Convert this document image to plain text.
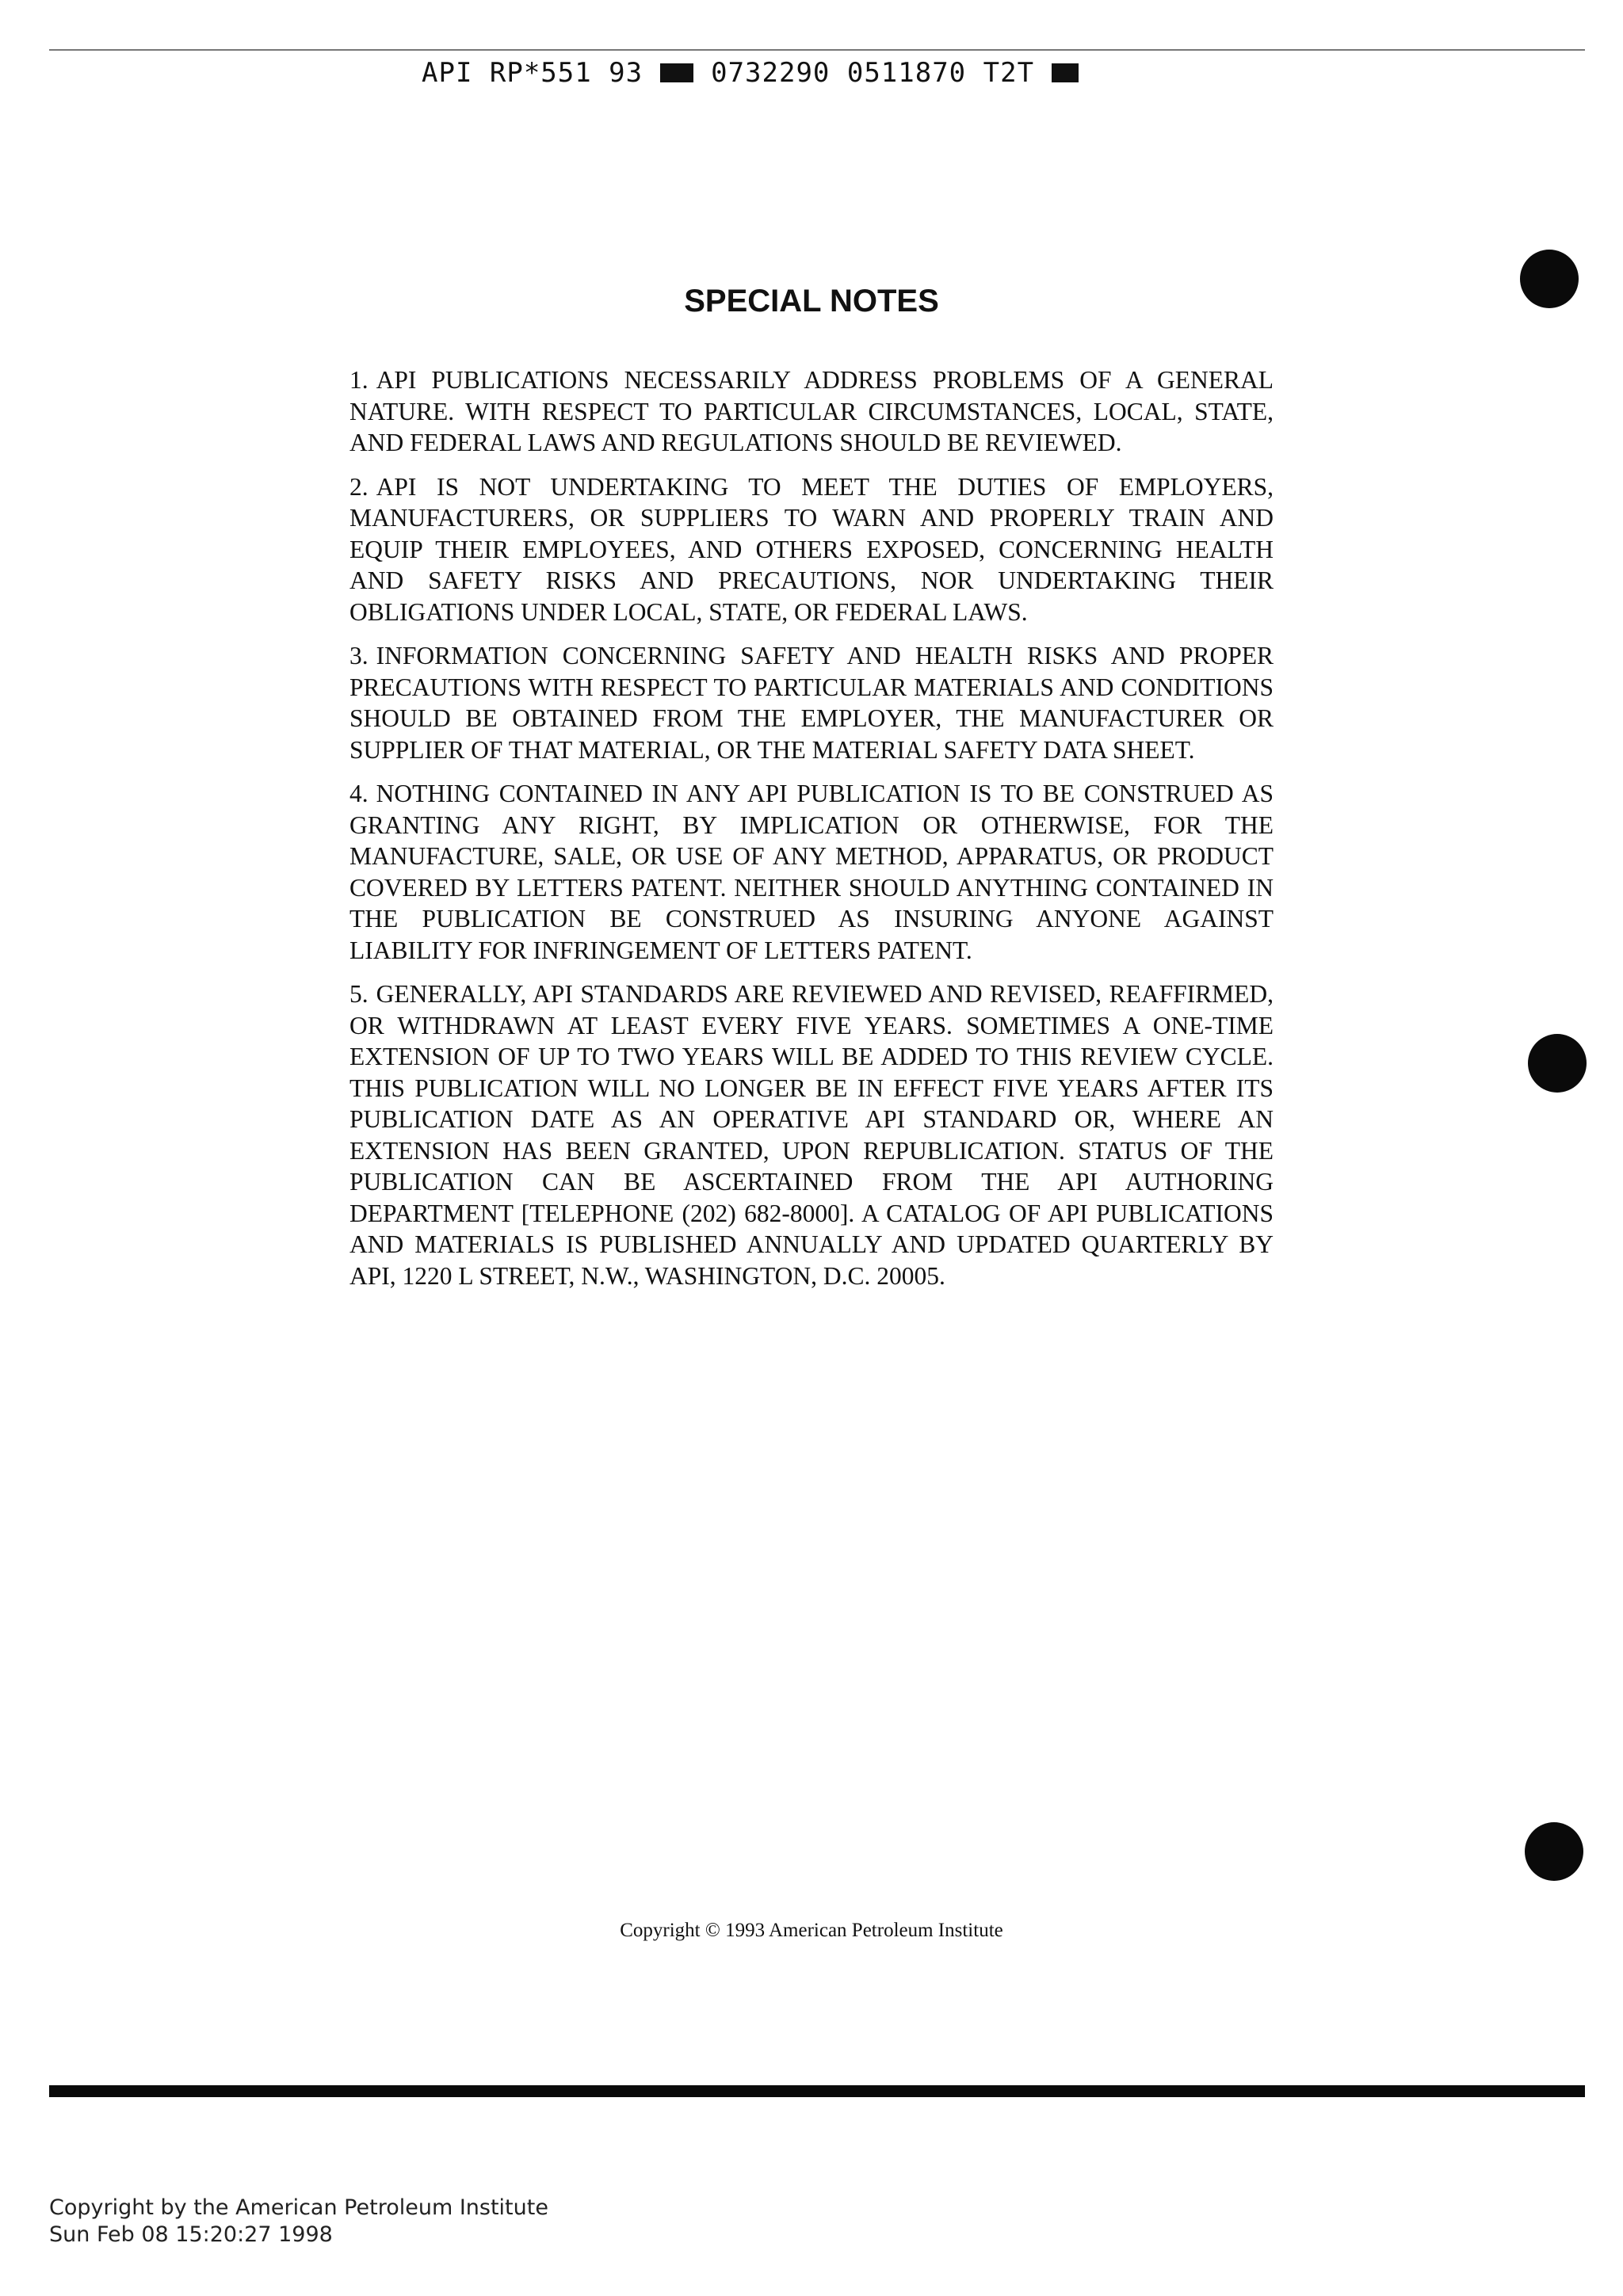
API RP*551 93	0732290 0511870 T2T
SPECIAL NOTES

1. API PUBLICATIONS NECESSARILY ADDRESS PROBLEMS OF A GENERAL NATURE. WITH RESPECT TO PARTICULAR CIRCUMSTANCES, LOCAL, STATE, AND FEDERAL LAWS AND REGULATIONS SHOULD BE REVIEWED.

2. API IS NOT UNDERTAKING TO MEET THE DUTIES OF EMPLOYERS, MANUFACTURERS, OR SUPPLIERS TO WARN AND PROPERLY TRAIN AND EQUIP THEIR EMPLOYEES, AND OTHERS EXPOSED, CONCERNING HEALTH AND SAFETY RISKS AND PRECAUTIONS, NOR UNDERTAKING THEIR OBLIGATIONS UNDER LOCAL, STATE, OR FEDERAL LAWS.

3. INFORMATION CONCERNING SAFETY AND HEALTH RISKS AND PROPER PRECAUTIONS WITH RESPECT TO PARTICULAR MATERIALS AND CONDITIONS SHOULD BE OBTAINED FROM THE EMPLOYER, THE MANUFACTURER OR SUPPLIER OF THAT MATERIAL, OR THE MATERIAL SAFETY DATA SHEET.

4. NOTHING CONTAINED IN ANY API PUBLICATION IS TO BE CONSTRUED AS GRANTING ANY RIGHT, BY IMPLICATION OR OTHERWISE, FOR THE MANUFACTURE, SALE, OR USE OF ANY METHOD, APPARATUS, OR PRODUCT COVERED BY LETTERS PATENT. NEITHER SHOULD ANYTHING CONTAINED IN THE PUBLICATION BE CONSTRUED AS INSURING ANYONE AGAINST LIABILITY FOR INFRINGEMENT OF LETTERS PATENT.

5. GENERALLY, API STANDARDS ARE REVIEWED AND REVISED, REAFFIRMED, OR WITHDRAWN AT LEAST EVERY FIVE YEARS. SOMETIMES A ONE-TIME EXTENSION OF UP TO TWO YEARS WILL BE ADDED TO THIS REVIEW CYCLE. THIS PUBLICATION WILL NO LONGER BE IN EFFECT FIVE YEARS AFTER ITS PUBLICATION DATE AS AN OPERATIVE API STANDARD OR, WHERE AN EXTENSION HAS BEEN GRANTED, UPON REPUBLICATION. STATUS OF THE PUBLICATION CAN BE ASCERTAINED FROM THE API AUTHORING DEPARTMENT [TELEPHONE (202) 682-8000]. A CATALOG OF API PUBLICATIONS AND MATERIALS IS PUBLISHED ANNUALLY AND UPDATED QUARTERLY BY API, 1220 L STREET, N.W., WASHINGTON, D.C. 20005.

Copyright © 1993 American Petroleum Institute
Copyright by the American Petroleum Institute
Sun Feb 08 15:20:27 1998
